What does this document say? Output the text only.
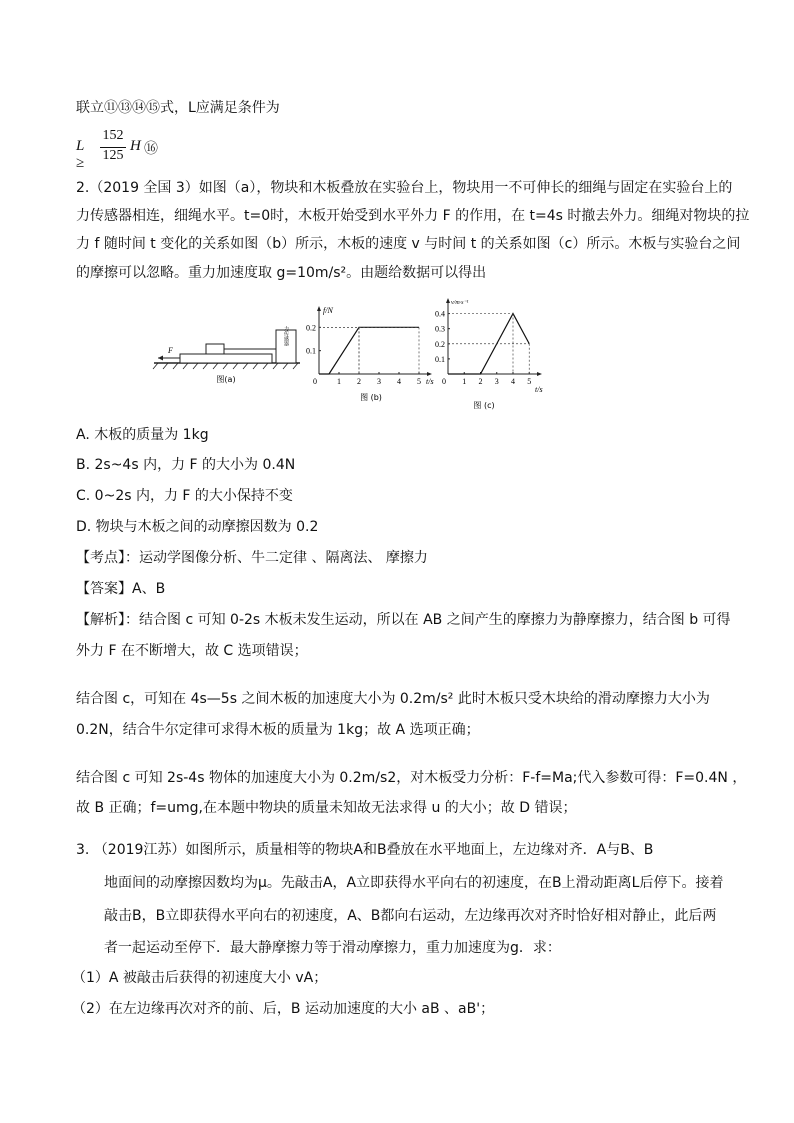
联立⑪⑬⑭⑮式，L应满足条件为
L ≥
152
125
H ⑯
2.（2019 全国 3）如图（a），物块和木板叠放在实验台上，物块用一不可伸长的细绳与固定在实验台上的
力传感器相连，细绳水平。t=0时，木板开始受到水平外力 F 的作用，在 t=4s 时撤去外力。细绳对物块的拉
力 f 随时间 t 变化的关系如图（b）所示，木板的速度 v 与时间 t 的关系如图（c）所示。木板与实验台之间
的摩擦可以忽略。重力加速度取 g=10m/s²。由题给数据可以得出
力传感器
F
图(a)
f/N
t/s
图 (b)
0	1 2 3 4 5
0.1
0.2
v/m·s⁻¹
t/s
图 (c)
0 1 2 3 4 5
0.1
0.2
0.3
0.4
A. 木板的质量为 1kg
B. 2s~4s 内，力 F 的大小为 0.4N
C. 0~2s 内，力 F 的大小保持不变
D. 物块与木板之间的动摩擦因数为 0.2
【考点】：运动学图像分析、牛二定律 、隔离法、 摩擦力
【答案】A、B
【解析】：结合图 c 可知 0-2s 木板未发生运动，所以在 AB 之间产生的摩擦力为静摩擦力，结合图 b 可得
外力 F 在不断增大，故 C 选项错误；
结合图 c，可知在 4s—5s 之间木板的加速度大小为 0.2m/s² 此时木板只受木块给的滑动摩擦力大小为
0.2N，结合牛尔定律可求得木板的质量为 1kg；故 A 选项正确；
结合图 c 可知 2s-4s 物体的加速度大小为 0.2m/s2，对木板受力分析：F-f=Ma;代入参数可得：F=0.4N ，
故 B 正确；f=umg,在本题中物块的质量未知故无法求得 u 的大小；故 D 错误；
3. （2019江苏）如图所示，质量相等的物块A和B叠放在水平地面上，左边缘对齐．A与B、B
地面间的动摩擦因数均为μ。先敲击A，A立即获得水平向右的初速度，在B上滑动距离L后停下。接着
敲击B，B立即获得水平向右的初速度，A、B都向右运动，左边缘再次对齐时恰好相对静止，此后两
者一起运动至停下．最大静摩擦力等于滑动摩擦力，重力加速度为g．求：
（1）A 被敲击后获得的初速度大小 vA；
（2）在左边缘再次对齐的前、后，B 运动加速度的大小 aB 、aB'；
